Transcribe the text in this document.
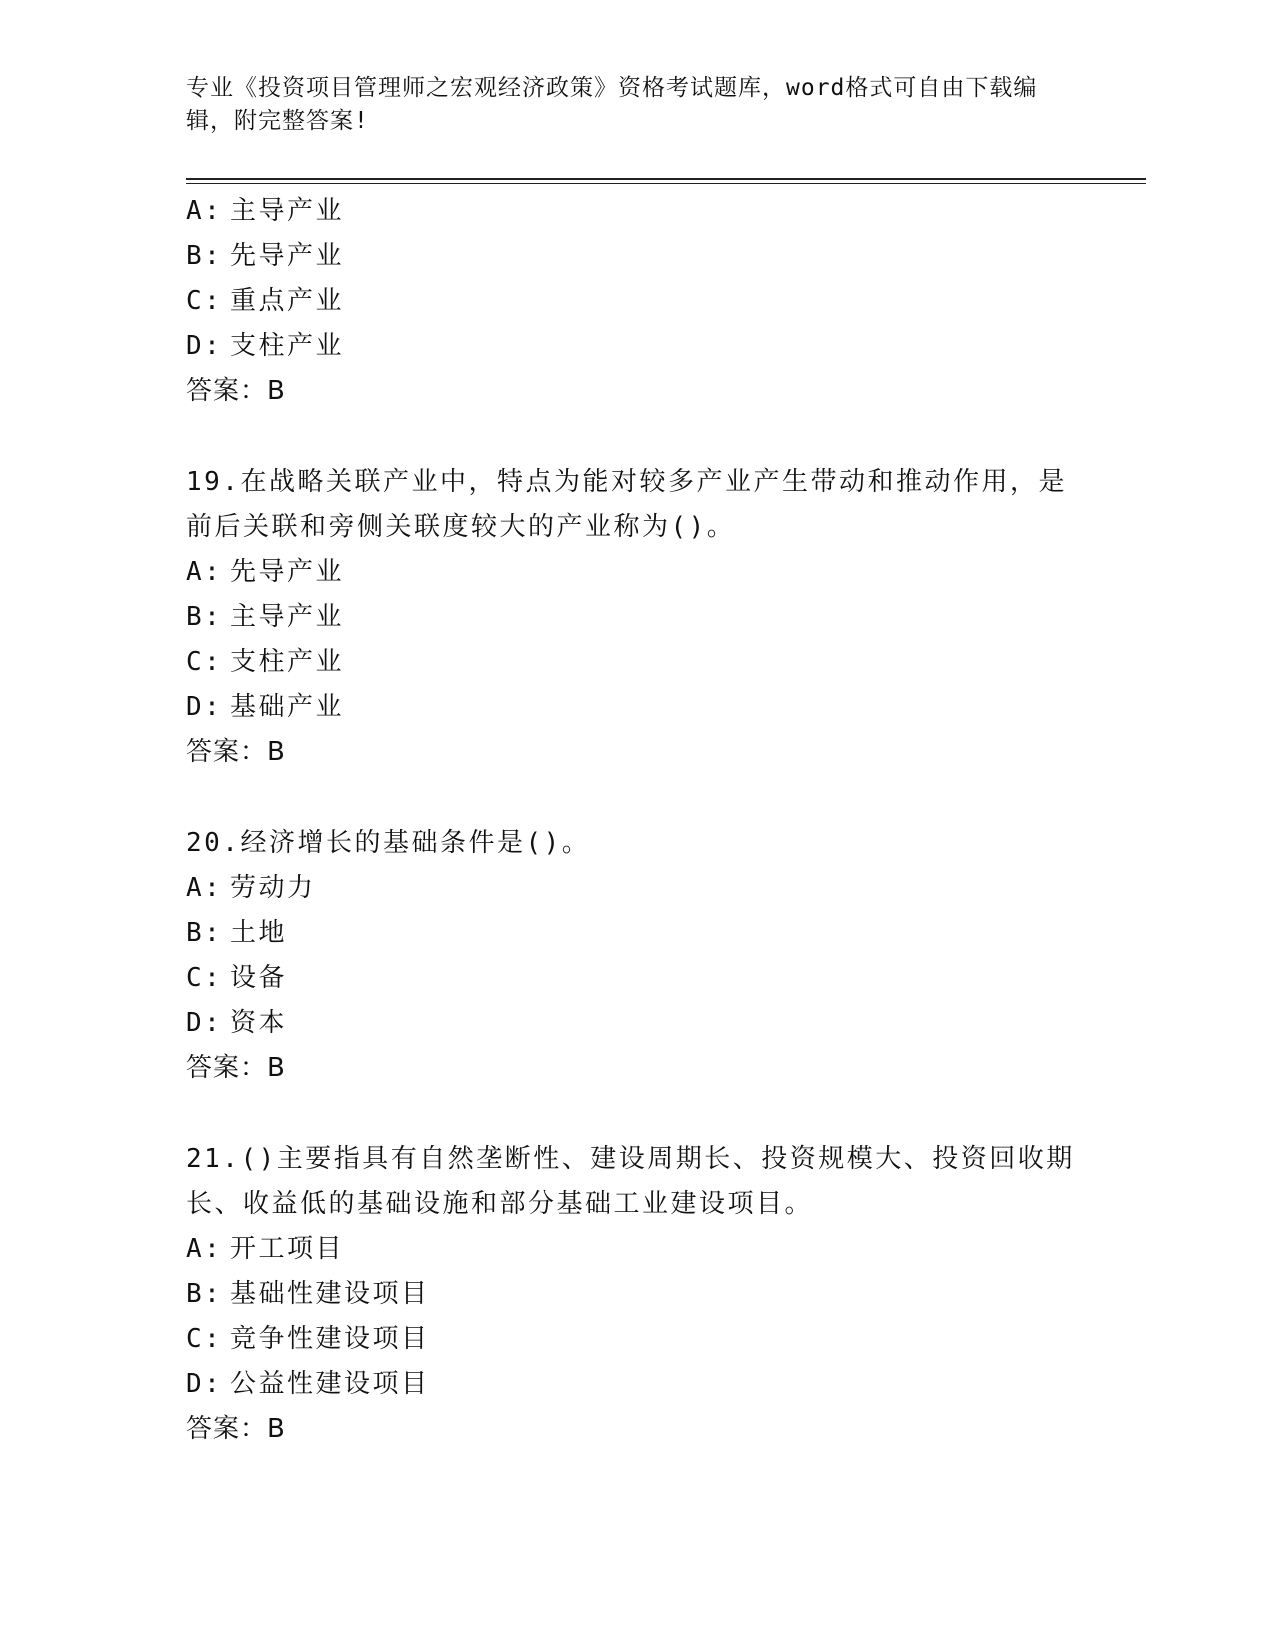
专业《投资项目管理师之宏观经济政策》资格考试题库，word格式可自由下载编
辑，附完整答案!
A: 主导产业
B: 先导产业
C: 重点产业
D: 支柱产业
答案：B
19.在战略关联产业中，特点为能对较多产业产生带动和推动作用，是
前后关联和旁侧关联度较大的产业称为()。
A: 先导产业
B: 主导产业
C: 支柱产业
D: 基础产业
答案：B
20.经济增长的基础条件是()。
A: 劳动力
B: 土地
C: 设备
D: 资本
答案：B
21.()主要指具有自然垄断性、建设周期长、投资规模大、投资回收期
长、收益低的基础设施和部分基础工业建设项目。
A: 开工项目
B: 基础性建设项目
C: 竞争性建设项目
D: 公益性建设项目
答案：B
